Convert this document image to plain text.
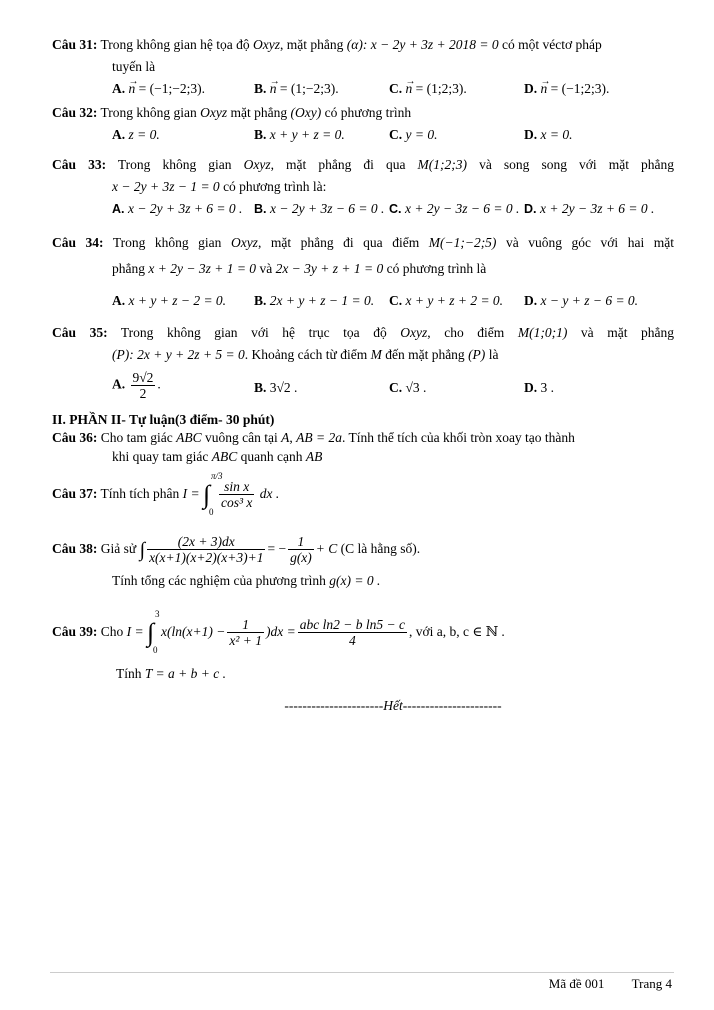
Câu 31: Trong không gian hệ tọa độ Oxyz, mặt phẳng (α): x − 2y + 3z + 2018 = 0 có một véctơ pháp
tuyến là
A. → n = (−1;−2;3).	B. → n = (1;−2;3).	C. → n = (1;2;3).	D. → n = (−1;2;3).
Câu 32: Trong không gian Oxyz mặt phẳng (Oxy) có phương trình
A. z = 0.	B. x + y + z = 0.	C. y = 0.	D. x = 0.
Câu 33: Trong không gian Oxyz, mặt phẳng đi qua M(1;2;3) và song song với mặt phẳng
x − 2y + 3z − 1 = 0 có phương trình là:
A. x − 2y + 3z + 6 = 0 . B. x − 2y + 3z − 6 = 0 . C. x + 2y − 3z − 6 = 0 . D. x + 2y − 3z + 6 = 0 .
Câu 34: Trong không gian Oxyz, mặt phẳng đi qua điểm M(−1;−2;5) và vuông góc với hai mặt
phẳng x + 2y − 3z + 1 = 0 và 2x − 3y + z + 1 = 0 có phương trình là
A. x + y + z − 2 = 0. B. 2x + y + z − 1 = 0. C. x + y + z + 2 = 0. D. x − y + z − 6 = 0.
Câu 35: Trong không gian với hệ trục tọa độ Oxyz, cho điểm M(1;0;1) và mặt phẳng
(P): 2x + y + 2z + 5 = 0. Khoảng cách từ điểm M đến mặt phẳng (P) là
A. $\frac{9√2}{2}$ .	B. 3√2 .	C. √3 .	D. 3 .
II. PHẦN II- Tự luận(3 điểm- 30 phút)
Câu 36: Cho tam giác ABC vuông cân tại A, AB = 2a. Tính thể tích của khối tròn xoay tạo thành
khi quay tam giác ABC quanh cạnh AB
Câu 37: Tính tích phân I = ∫
π/3
0
$\frac{\text{sin x}}{\text{cos³ x}}$ dx .
Câu 38: Giả sử ∫ $\frac{(2x + 3)dx}{x(x+1)(x+2)(x+3)+1}$ = − $\frac{1}{g(x)} + C$ (C là hằng số).
Tính tổng các nghiệm của phương trình g(x) = 0 .
Câu 39: Cho I = ∫
3
0
$x(\ln(x+1) - \frac{1}{\text{x² + 1}} )dx = \frac{\text{abc ln2 − b ln5 − c}}{4}$ , với a, b, c ∈ ℕ .
Tính T = a + b + c .
----------------------Hết----------------------
Mã đề 001 Trang 4
